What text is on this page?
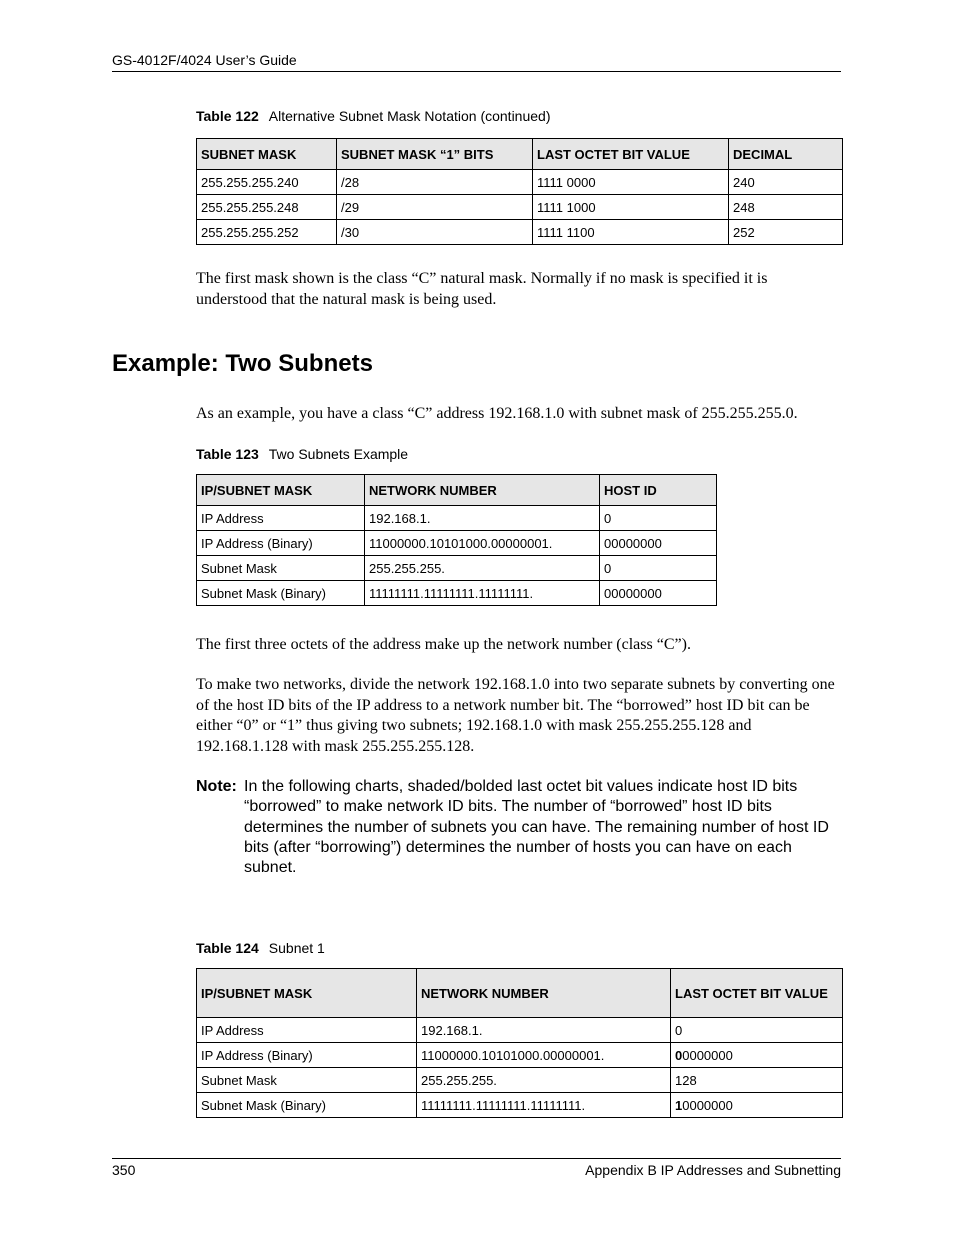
GS-4012F/4024 User’s Guide
Table 122 Alternative Subnet Mask Notation (continued)
SUBNET MASK	SUBNET MASK “1” BITS	LAST OCTET BIT VALUE	DECIMAL
255.255.255.240	/28	1111 0000	240
255.255.255.248	/29	1111 1000	248
255.255.255.252	/30	1111 1100	252
The first mask shown is the class “C” natural mask. Normally if no mask is specified it is understood that the natural mask is being used.
Example: Two Subnets
As an example, you have a class “C” address 192.168.1.0 with subnet mask of 255.255.255.0.
Table 123 Two Subnets Example
IP/SUBNET MASK	NETWORK NUMBER	HOST ID
IP Address	192.168.1.	0
IP Address (Binary)	11000000.10101000.00000001.	00000000
Subnet Mask	255.255.255.	0
Subnet Mask (Binary)	11111111.11111111.11111111.	00000000
The first three octets of the address make up the network number (class “C”).
To make two networks, divide the network 192.168.1.0 into two separate subnets by converting one of the host ID bits of the IP address to a network number bit. The “borrowed” host ID bit can be either “0” or “1” thus giving two subnets; 192.168.1.0 with mask 255.255.255.128 and 192.168.1.128 with mask 255.255.255.128.
Note: In the following charts, shaded/bolded last octet bit values indicate host ID bits “borrowed” to make network ID bits. The number of “borrowed” host ID bits determines the number of subnets you can have. The remaining number of host ID bits (after “borrowing”) determines the number of hosts you can have on each subnet.
Table 124 Subnet 1
IP/SUBNET MASK	NETWORK NUMBER	LAST OCTET BIT VALUE
IP Address	192.168.1.	0
IP Address (Binary)	11000000.10101000.00000001.	00000000
Subnet Mask	255.255.255.	128
Subnet Mask (Binary)	11111111.11111111.11111111.	10000000
350	Appendix B IP Addresses and Subnetting
